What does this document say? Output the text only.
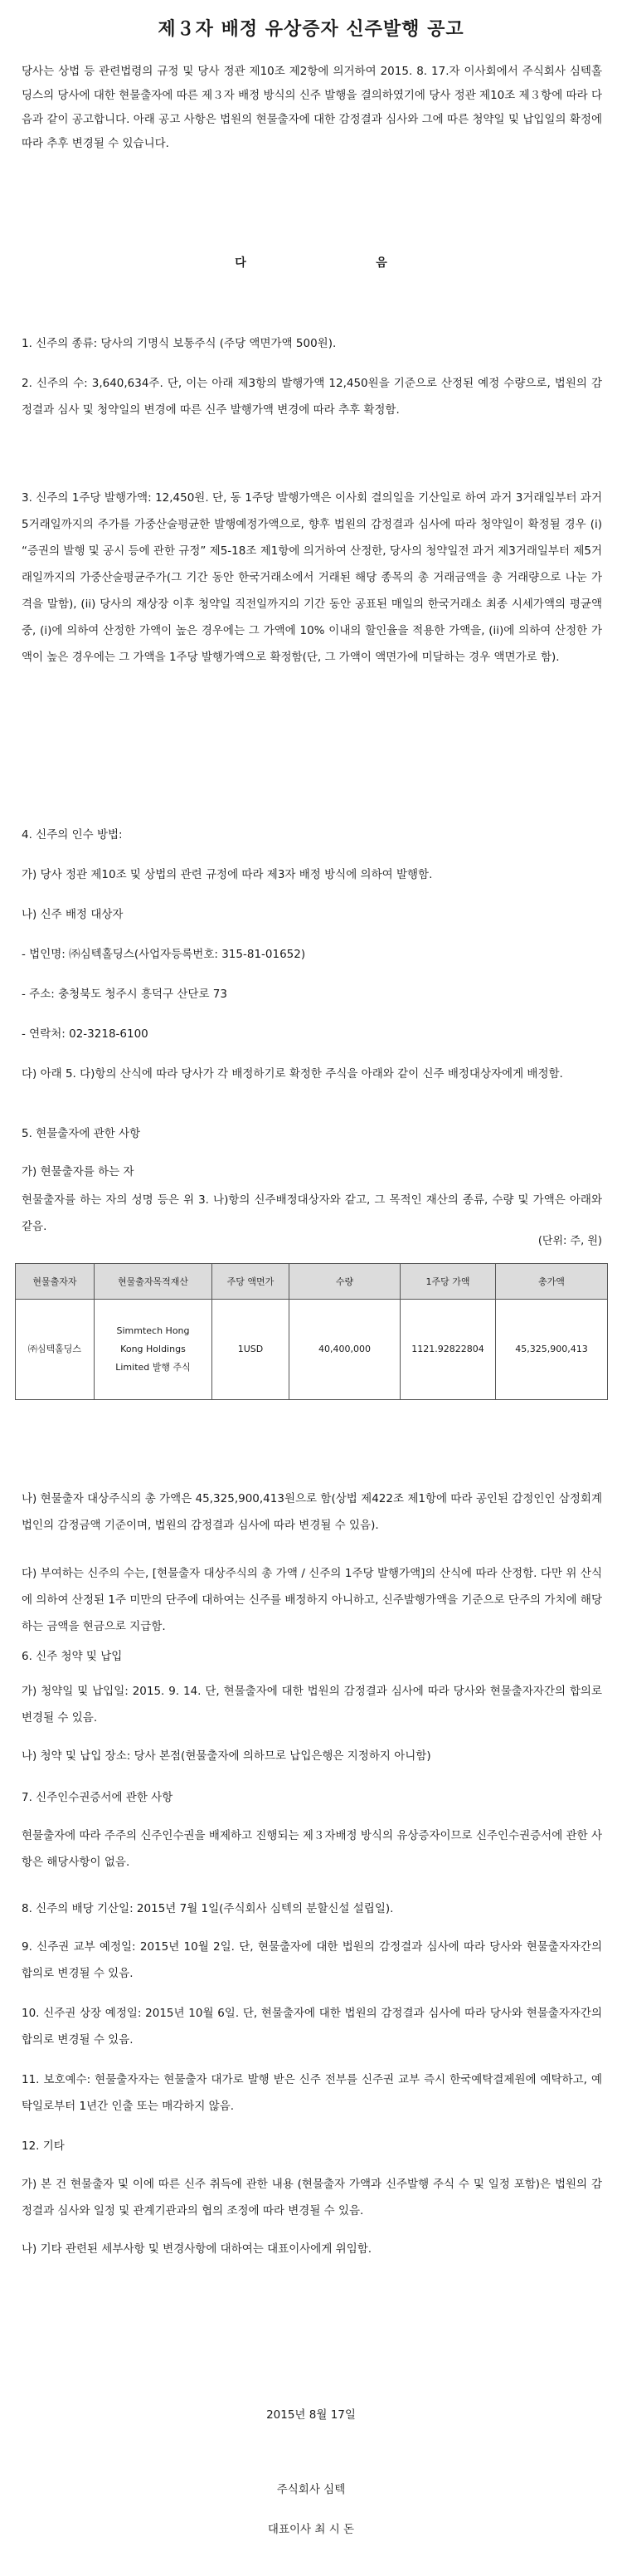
제３자 배정 유상증자 신주발행 공고
당사는 상법 등 관련법령의 규정 및 당사 정관 제10조 제2항에 의거하여 2015. 8. 17.자 이사회에서 주식회사 심텍홀딩스의 당사에 대한 현물출자에 따른 제３자 배정 방식의 신주 발행을 결의하였기에 당사 정관 제10조 제３항에 따라 다음과 같이 공고합니다. 아래 공고 사항은 법원의 현물출자에 대한 감정결과 심사와 그에 따른 청약일 및 납입일의 확정에 따라 추후 변경될 수 있습니다.
다	음

1. 신주의 종류: 당사의 기명식 보통주식 (주당 액면가액 500원).

2. 신주의 수: 3,640,634주. 단, 이는 아래 제3항의 발행가액 12,450원을 기준으로 산정된 예정 수량으로, 법원의 감정결과 심사 및 청약일의 변경에 따른 신주 발행가액 변경에 따라 추후 확정함.

3. 신주의 1주당 발행가액: 12,450원. 단, 동 1주당 발행가액은 이사회 결의일을 기산일로 하여 과거 3거래일부터 과거 5거래일까지의 주가를 가중산술평균한 발행예정가액으로, 향후 법원의 감정결과 심사에 따라 청약일이 확정될 경우 (i) “증권의 발행 및 공시 등에 관한 규정” 제5-18조 제1항에 의거하여 산정한, 당사의 청약일전 과거 제3거래일부터 제5거래일까지의 가중산술평균주가(그 기간 동안 한국거래소에서 거래된 해당 종목의 총 거래금액을 총 거래량으로 나눈 가격을 말함), (ii) 당사의 재상장 이후 청약일 직전일까지의 기간 동안 공표된 매일의 한국거래소 최종 시세가액의 평균액 중, (i)에 의하여 산정한 가액이 높은 경우에는 그 가액에 10% 이내의 할인율을 적용한 가액을, (ii)에 의하여 산정한 가액이 높은 경우에는 그 가액을 1주당 발행가액으로 확정함(단, 그 가액이 액면가에 미달하는 경우 액면가로 함).

4. 신주의 인수 방법:

가) 당사 정관 제10조 및 상법의 관련 규정에 따라 제3자 배정 방식에 의하여 발행함.

나) 신주 배정 대상자

- 법인명: ㈜심텍홀딩스(사업자등록번호: 315-81-01652)

- 주소: 충청북도 청주시 흥덕구 산단로 73

- 연락처: 02-3218-6100

다) 아래 5. 다)항의 산식에 따라 당사가 각 배정하기로 확정한 주식을 아래와 같이 신주 배정대상자에게 배정함.

5. 현물출자에 관한 사항

가) 현물출자를 하는 자

현물출자를 하는 자의 성명 등은 위 3. 나)항의 신주배정대상자와 같고, 그 목적인 재산의 종류, 수량 및 가액은 아래와 같음.

(단위: 주, 원)
현물출자자	현물출자목적재산	주당 액면가	수량	1주당 가액	총가액
㈜심텍홀딩스	Simmtech Hong
Kong Holdings
Limited 발행 주식	1USD	40,400,000	1121.92822804	45,325,900,413

나) 현물출자 대상주식의 총 가액은 45,325,900,413원으로 함(상법 제422조 제1항에 따라 공인된 감정인인 삼정회계법인의 감정금액 기준이며, 법원의 감정결과 심사에 따라 변경될 수 있음).

다) 부여하는 신주의 수는, [현물출자 대상주식의 총 가액 / 신주의 1주당 발행가액]의 산식에 따라 산정함. 다만 위 산식에 의하여 산정된 1주 미만의 단주에 대하여는 신주를 배정하지 아니하고, 신주발행가액을 기준으로 단주의 가치에 해당하는 금액을 현금으로 지급함.

6. 신주 청약 및 납입

가) 청약일 및 납입일: 2015. 9. 14. 단, 현물출자에 대한 법원의 감정결과 심사에 따라 당사와 현물출자자간의 합의로 변경될 수 있음.

나) 청약 및 납입 장소: 당사 본점(현물출자에 의하므로 납입은행은 지정하지 아니함)

7. 신주인수권증서에 관한 사항

현물출자에 따라 주주의 신주인수권을 배제하고 진행되는 제３자배정 방식의 유상증자이므로 신주인수권증서에 관한 사항은 해당사항이 없음.

8. 신주의 배당 기산일: 2015년 7월 1일(주식회사 심텍의 분할신설 설립일).

9. 신주권 교부 예정일: 2015년 10월 2일. 단, 현물출자에 대한 법원의 감정결과 심사에 따라 당사와 현물출자자간의 합의로 변경될 수 있음.

10. 신주권 상장 예정일: 2015년 10월 6일. 단, 현물출자에 대한 법원의 감정결과 심사에 따라 당사와 현물출자자간의 합의로 변경될 수 있음.

11. 보호예수: 현물출자자는 현물출자 대가로 발행 받은 신주 전부를 신주권 교부 즉시 한국예탁결제원에 예탁하고, 예탁일로부터 1년간 인출 또는 매각하지 않음.

12. 기타

가) 본 건 현물출자 및 이에 따른 신주 취득에 관한 내용 (현물출자 가액과 신주발행 주식 수 및 일정 포함)은 법원의 감정결과 심사와 일정 및 관계기관과의 협의 조정에 따라 변경될 수 있음.

나) 기타 관련된 세부사항 및 변경사항에 대하여는 대표이사에게 위임함.

2015년 8월 17일
주식회사 심텍
대표이사 최 시 돈
